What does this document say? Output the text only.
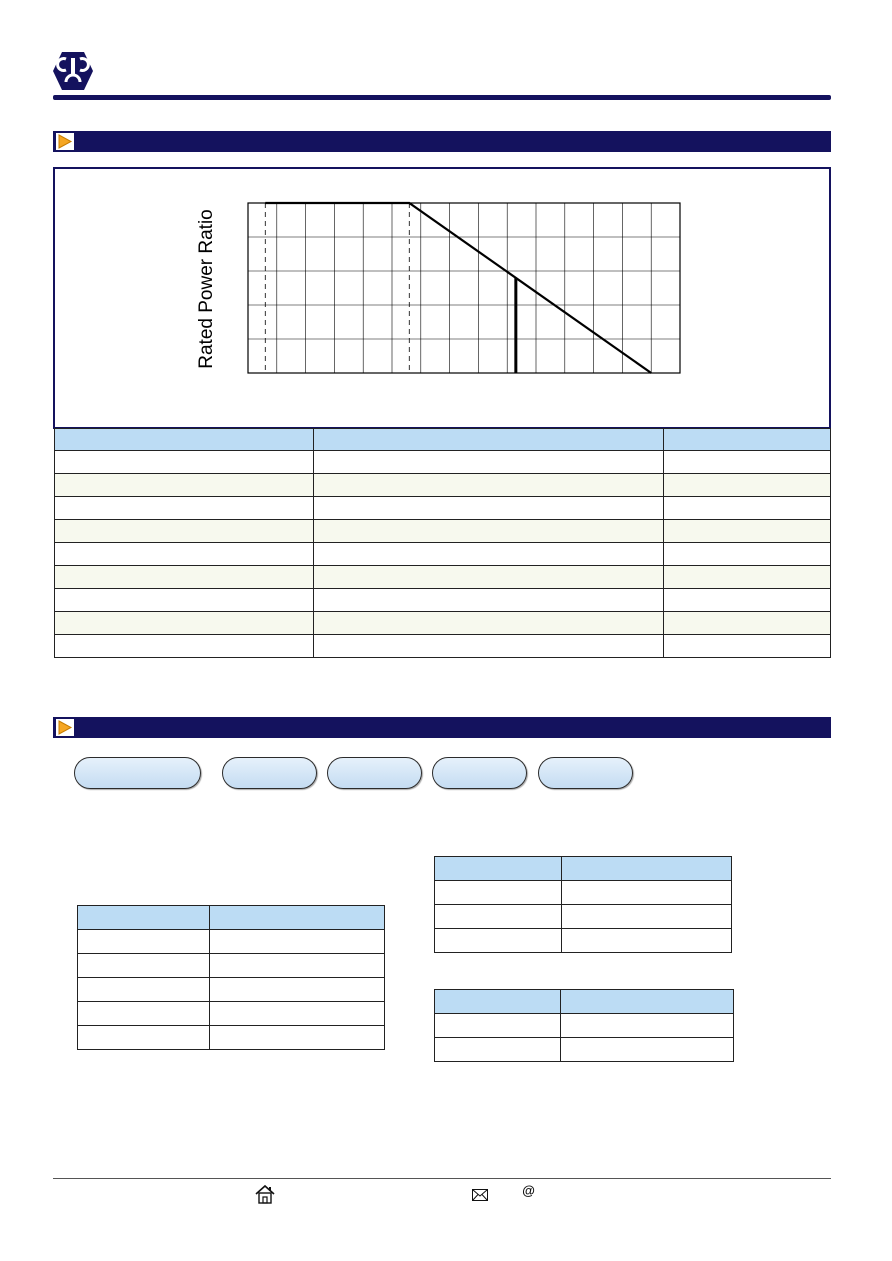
Rated Power Ratio

@
